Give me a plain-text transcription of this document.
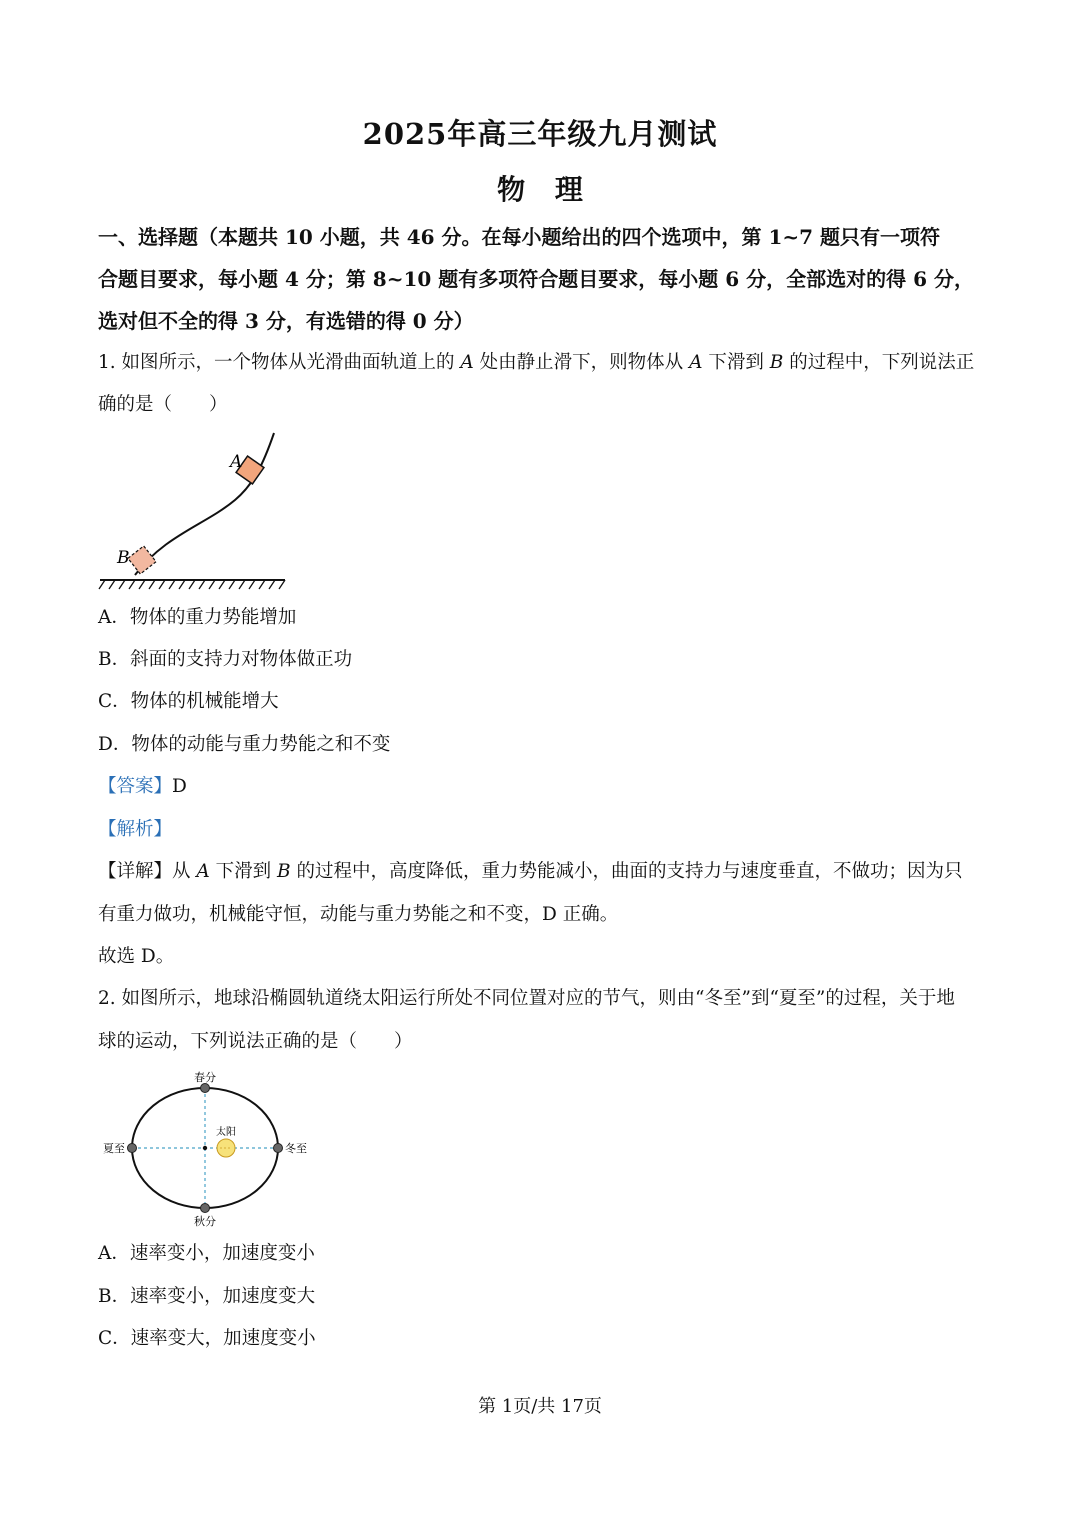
2025年高三年级九月测试
物 理
一、选择题（本题共 10 小题，共 46 分。在每小题给出的四个选项中，第 1~7 题只有一项符
合题目要求，每小题 4 分；第 8~10 题有多项符合题目要求，每小题 6 分，全部选对的得 6 分，
选对但不全的得 3 分，有选错的得 0 分）
1. 如图所示，一个物体从光滑曲面轨道上的 A 处由静止滑下，则物体从 A 下滑到 B 的过程中，下列说法正
确的是（　　）
A
B
A．物体的重力势能增加
B．斜面的支持力对物体做正功
C．物体的机械能增大
D．物体的动能与重力势能之和不变
【答案】D
【解析】
【详解】从 A 下滑到 B 的过程中，高度降低，重力势能减小，曲面的支持力与速度垂直，不做功；因为只
有重力做功，机械能守恒，动能与重力势能之和不变，D 正确。
故选 D。
2. 如图所示，地球沿椭圆轨道绕太阳运行所处不同位置对应的节气，则由“冬至”到“夏至”的过程，关于地
球的运动，下列说法正确的是（　　）
春分
秋分
夏至	冬至
太阳
A．速率变小，加速度变小
B．速率变小，加速度变大
C．速率变大，加速度变小
第 1页/共 17页
